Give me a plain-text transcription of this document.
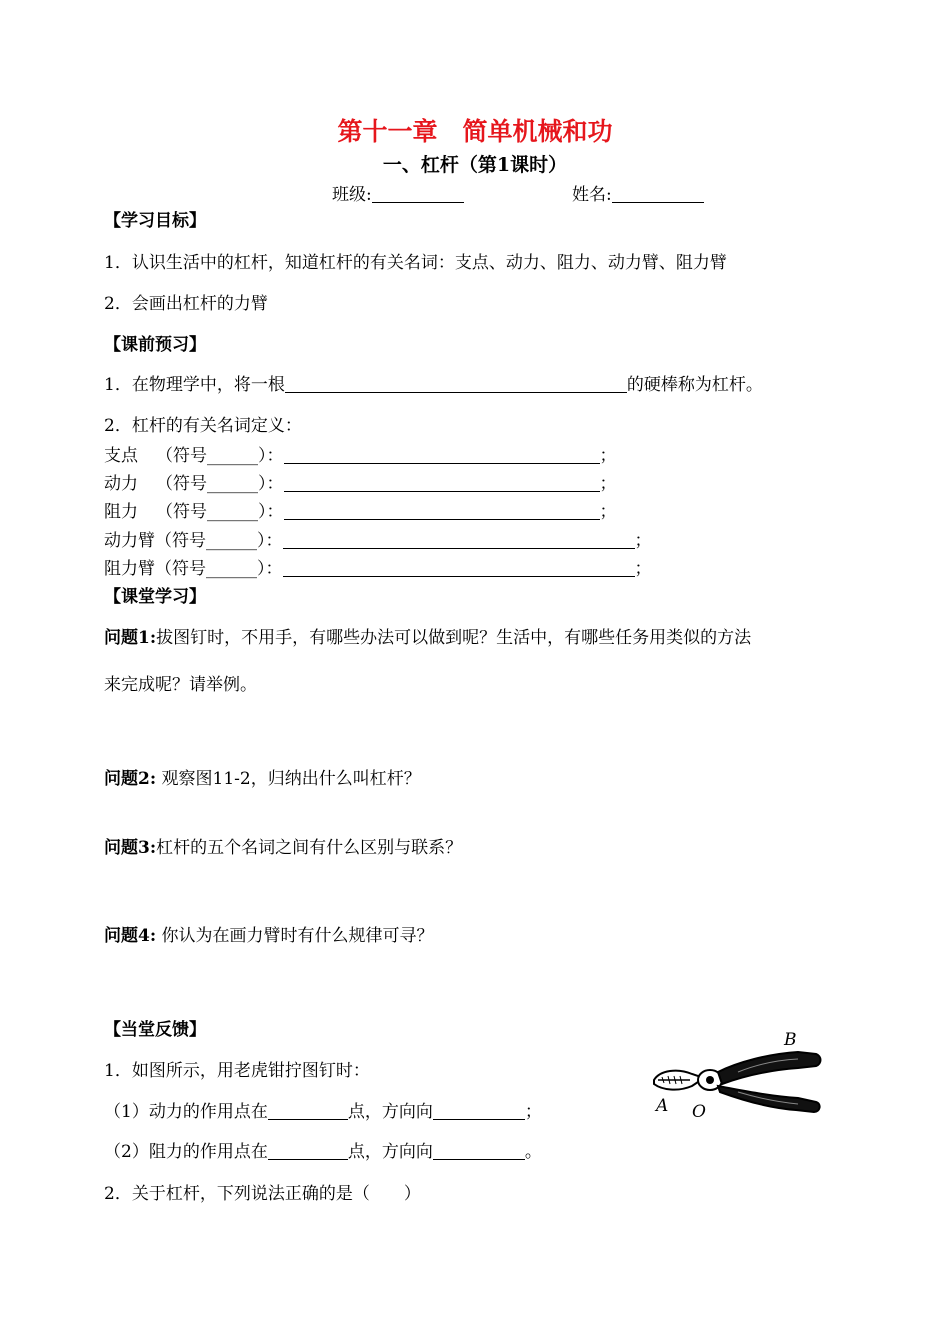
第十一章　简单机械和功
一、杠杆（第1课时）
班级:	姓名:
【学习目标】
1．认识生活中的杠杆，知道杠杆的有关名词：支点、动力、阻力、动力臂、阻力臂
2．会画出杠杆的力臂
【课前预习】
1．在物理学中，将一根	的硬棒称为杠杆。
2．杠杆的有关名词定义：
支点 （符号______）：	；
动力 （符号______）：	；
阻力 （符号______）：	；
动力臂（符号______）：	；
阻力臂（符号______）：	；
【课堂学习】
问题1:拔图钉时，不用手，有哪些办法可以做到呢？生活中，有哪些任务用类似的方法
来完成呢？请举例。
问题2: 观察图11-2，归纳出什么叫杠杆？
问题3:杠杆的五个名词之间有什么区别与联系？
问题4: 你认为在画力臂时有什么规律可寻？
【当堂反馈】
1．如图所示，用老虎钳拧图钉时：
（1）动力的作用点在	点，方向向	；
（2）阻力的作用点在	点，方向向	。
2．关于杠杆，下列说法正确的是（　　）
A O
B
